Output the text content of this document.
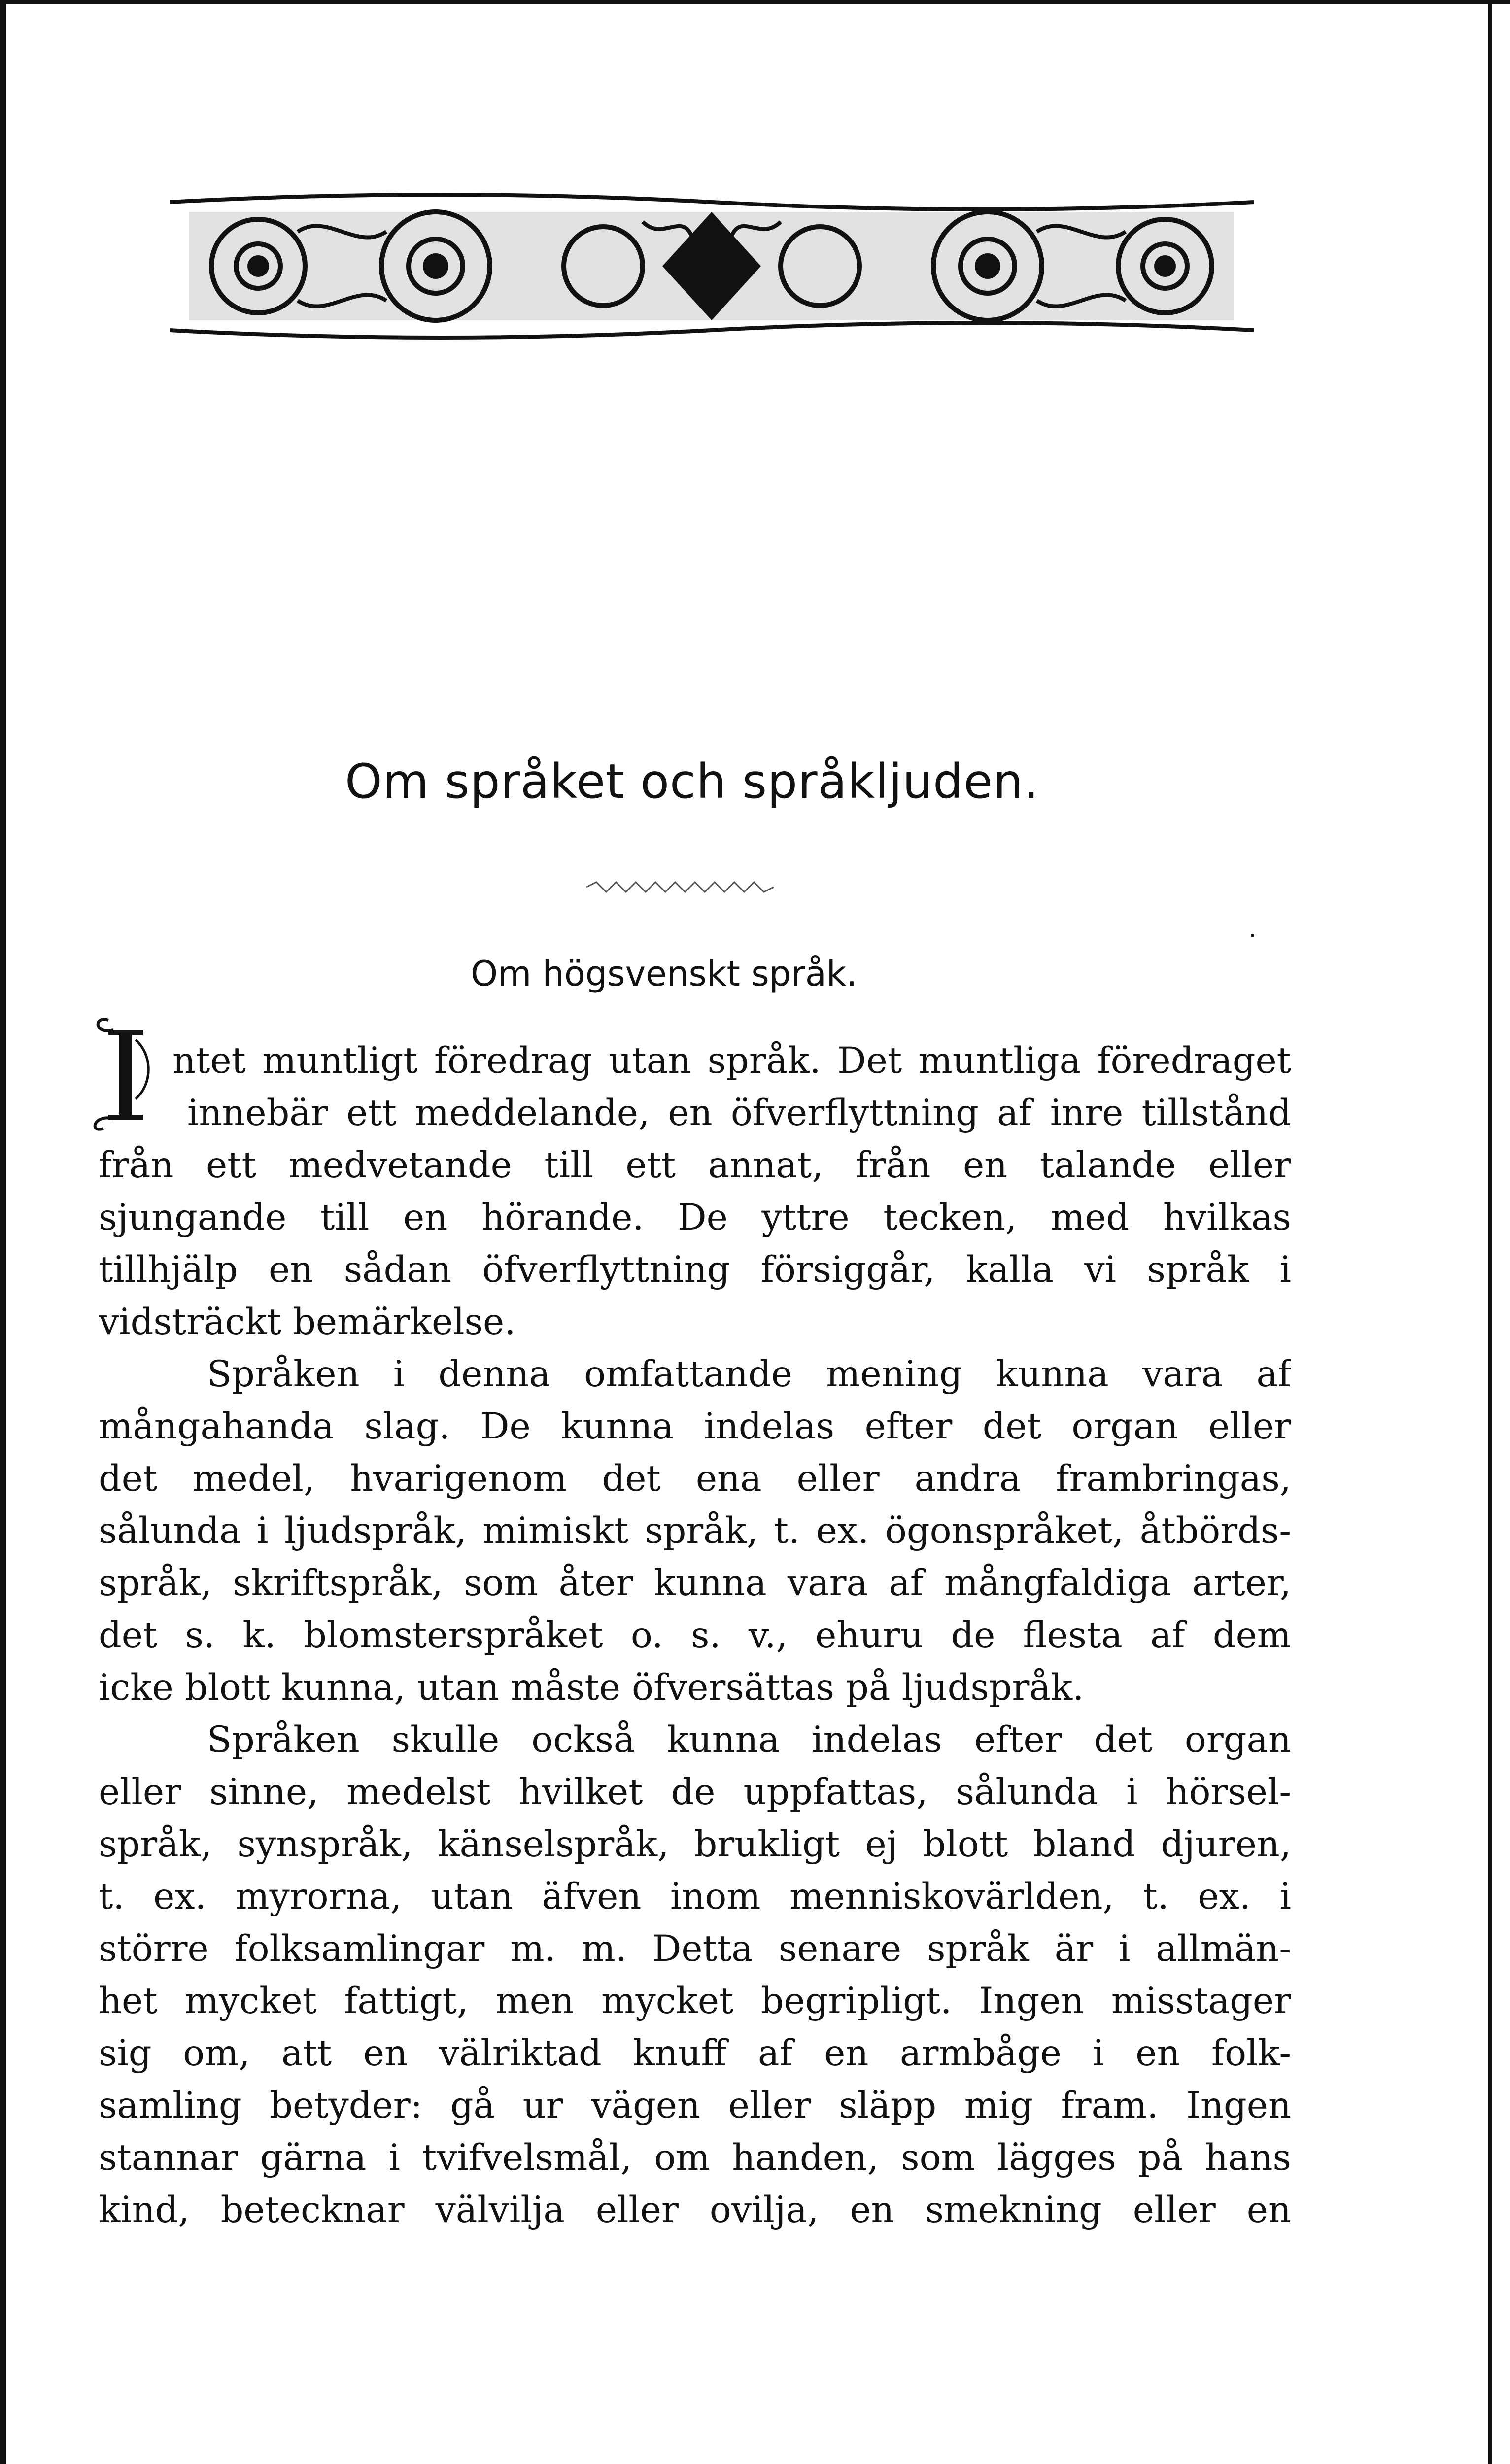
Om språket och språkljuden.
Om högsvenskt språk.
ntet muntligt föredrag utan språk. Det muntliga föredraget
innebär ett meddelande, en öfverflyttning af inre tillstånd
från ett medvetande till ett annat, från en talande eller
sjungande till en hörande. De yttre tecken, med hvilkas
tillhjälp en sådan öfverflyttning försiggår, kalla vi språk i
vidsträckt bemärkelse.
Språken i denna omfattande mening kunna vara af
mångahanda slag. De kunna indelas efter det organ eller
det medel, hvarigenom det ena eller andra frambringas,
sålunda i ljudspråk, mimiskt språk, t. ex. ögonspråket, åtbörds-
språk, skriftspråk, som åter kunna vara af mångfaldiga arter,
det s. k. blomsterspråket o. s. v., ehuru de flesta af dem
icke blott kunna, utan måste öfversättas på ljudspråk.
Språken skulle också kunna indelas efter det organ
eller sinne, medelst hvilket de uppfattas, sålunda i hörsel-
språk, synspråk, känselspråk, brukligt ej blott bland djuren,
t. ex. myrorna, utan äfven inom menniskovärlden, t. ex. i
större folksamlingar m. m. Detta senare språk är i allmän-
het mycket fattigt, men mycket begripligt. Ingen misstager
sig om, att en välriktad knuff af en armbåge i en folk-
samling betyder: gå ur vägen eller släpp mig fram. Ingen
stannar gärna i tvifvelsmål, om handen, som lägges på hans
kind, betecknar välvilja eller ovilja, en smekning eller en
